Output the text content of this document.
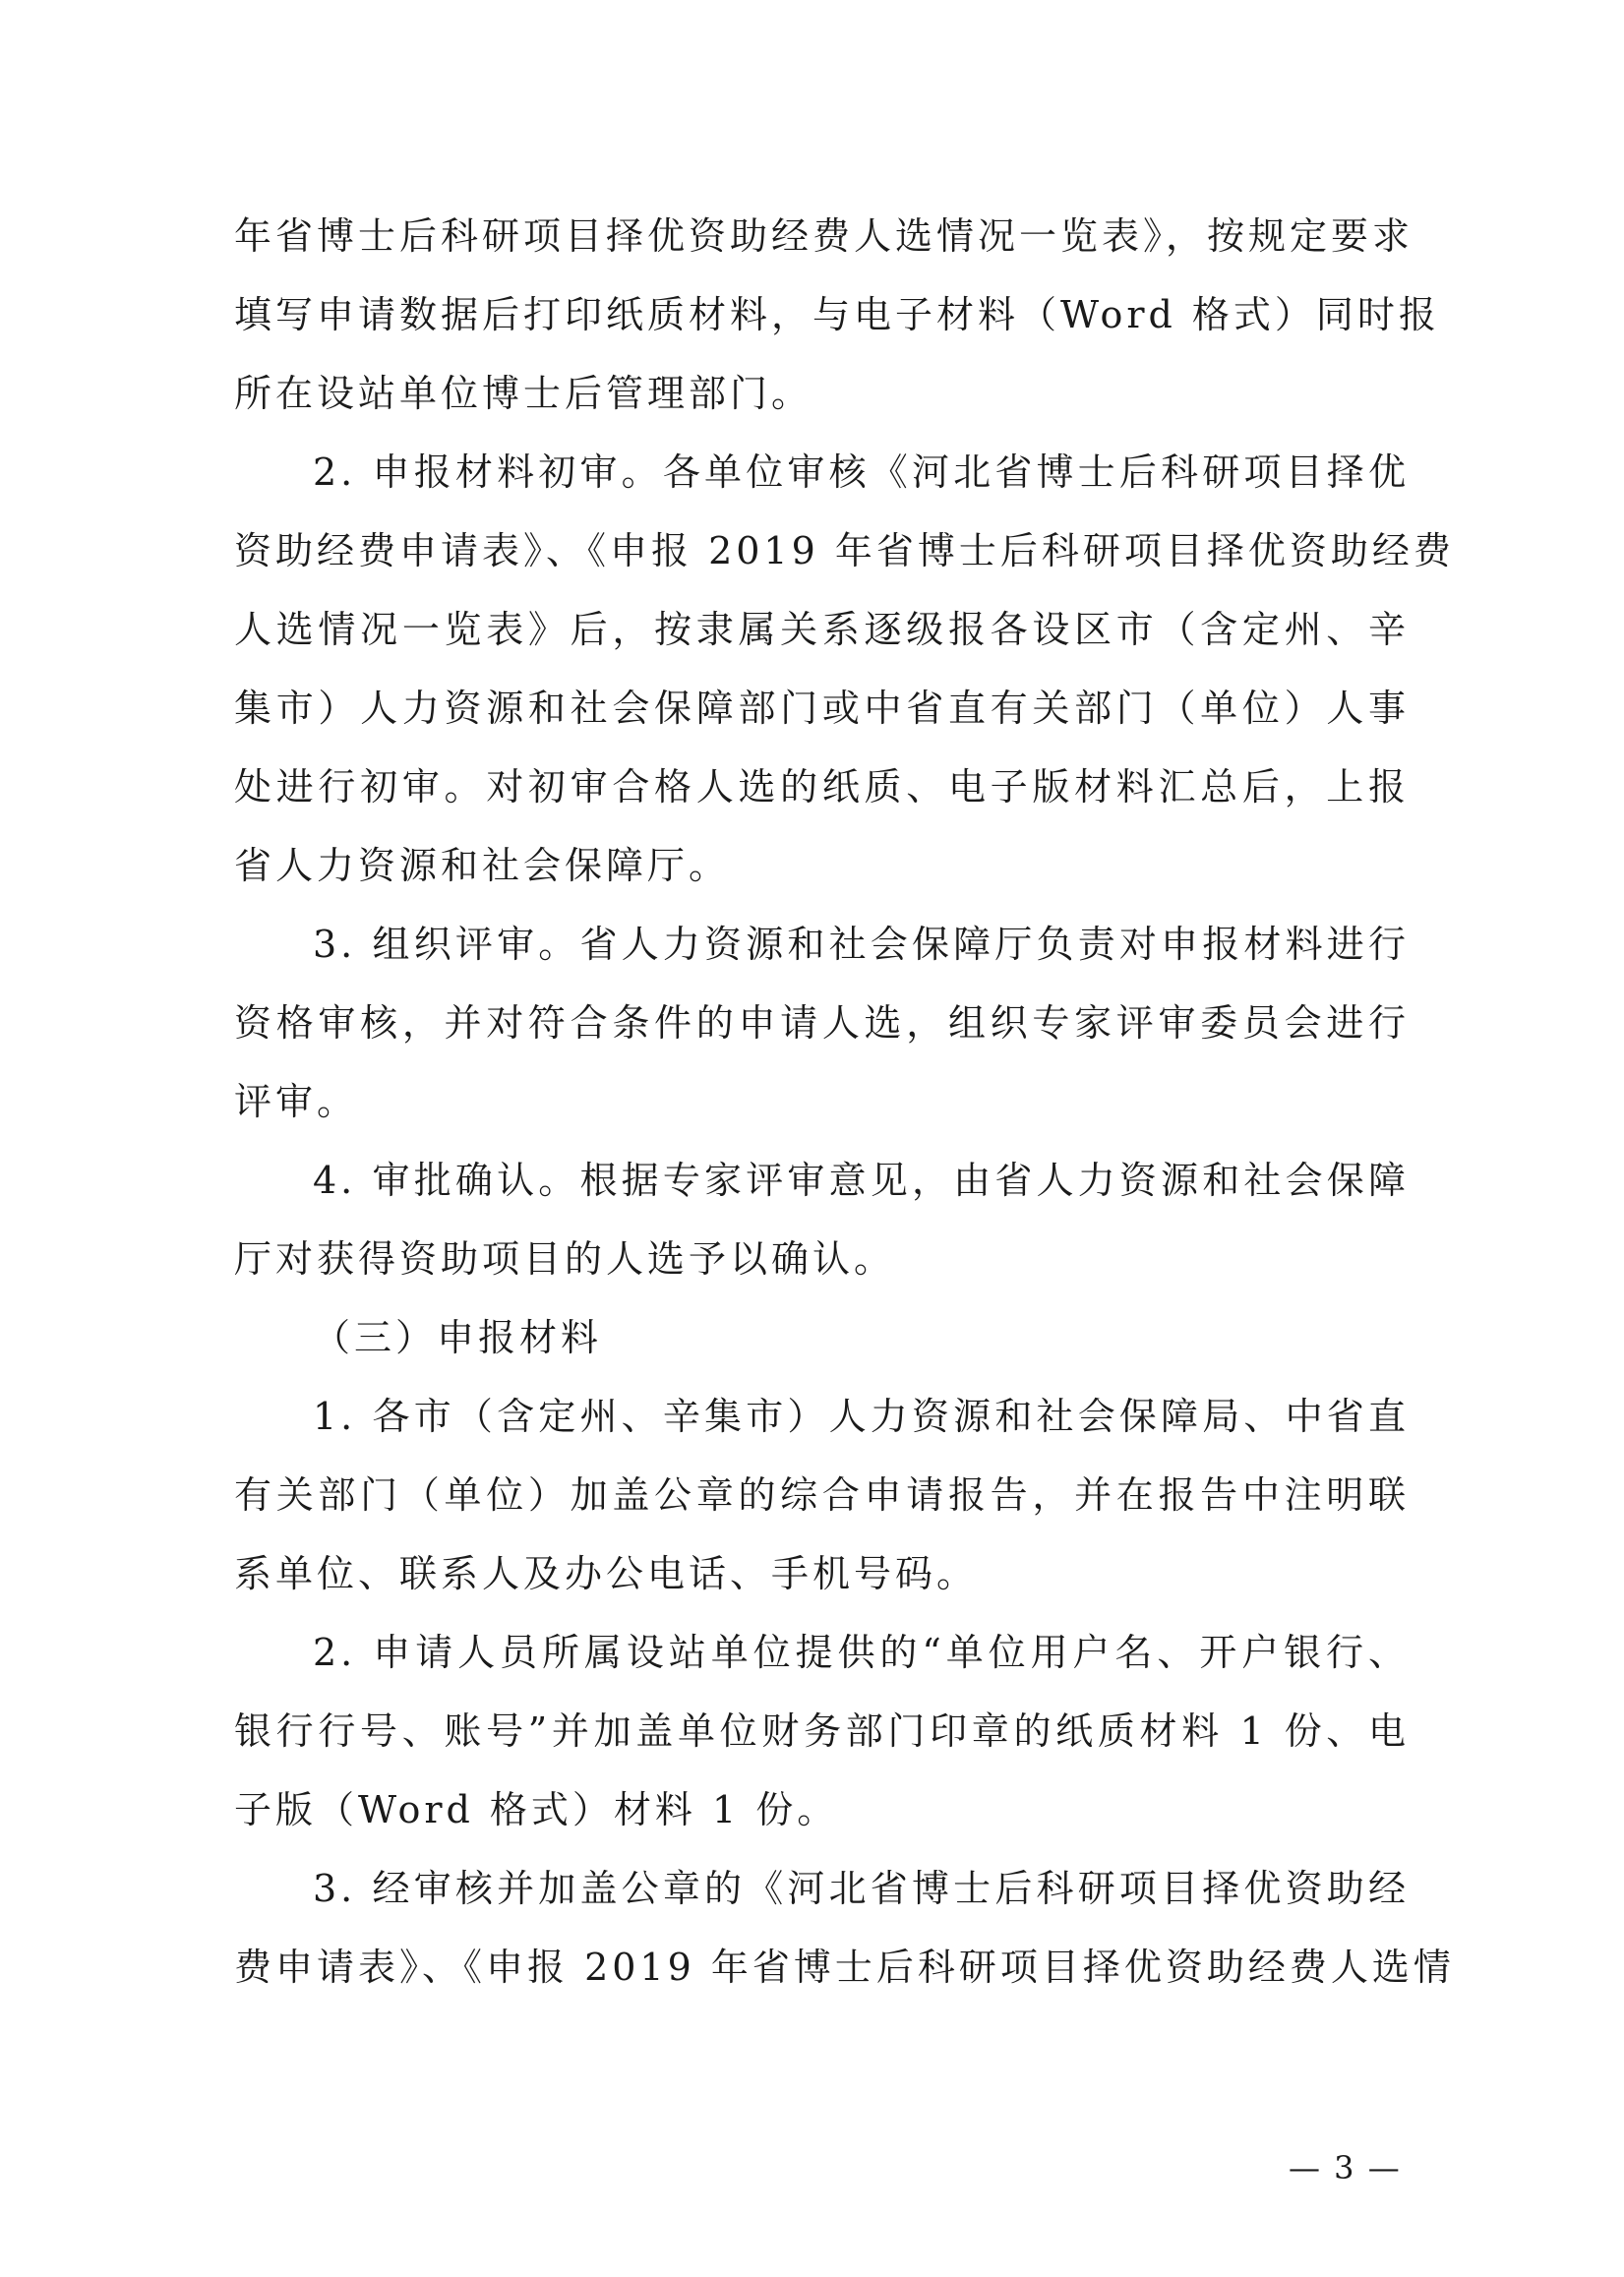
年省博士后科研项目择优资助经费人选情况一览表》，按规定要求
填写申请数据后打印纸质材料，与电子材料（Word 格式）同时报
所在设站单位博士后管理部门。
2. 申报材料初审。各单位审核《河北省博士后科研项目择优
资助经费申请表》、《申报 2019 年省博士后科研项目择优资助经费
人选情况一览表》后，按隶属关系逐级报各设区市（含定州、辛
集市）人力资源和社会保障部门或中省直有关部门（单位）人事
处进行初审。对初审合格人选的纸质、电子版材料汇总后，上报
省人力资源和社会保障厅。
3. 组织评审。省人力资源和社会保障厅负责对申报材料进行
资格审核，并对符合条件的申请人选，组织专家评审委员会进行
评审。
4. 审批确认。根据专家评审意见，由省人力资源和社会保障
厅对获得资助项目的人选予以确认。
（三）申报材料
1. 各市（含定州、辛集市）人力资源和社会保障局、中省直
有关部门（单位）加盖公章的综合申请报告，并在报告中注明联
系单位、联系人及办公电话、手机号码。
2. 申请人员所属设站单位提供的“单位用户名、开户银行、
银行行号、账号”并加盖单位财务部门印章的纸质材料 1 份、电
子版（Word 格式）材料 1 份。
3. 经审核并加盖公章的《河北省博士后科研项目择优资助经
费申请表》、《申报 2019 年省博士后科研项目择优资助经费人选情
— 3 —
